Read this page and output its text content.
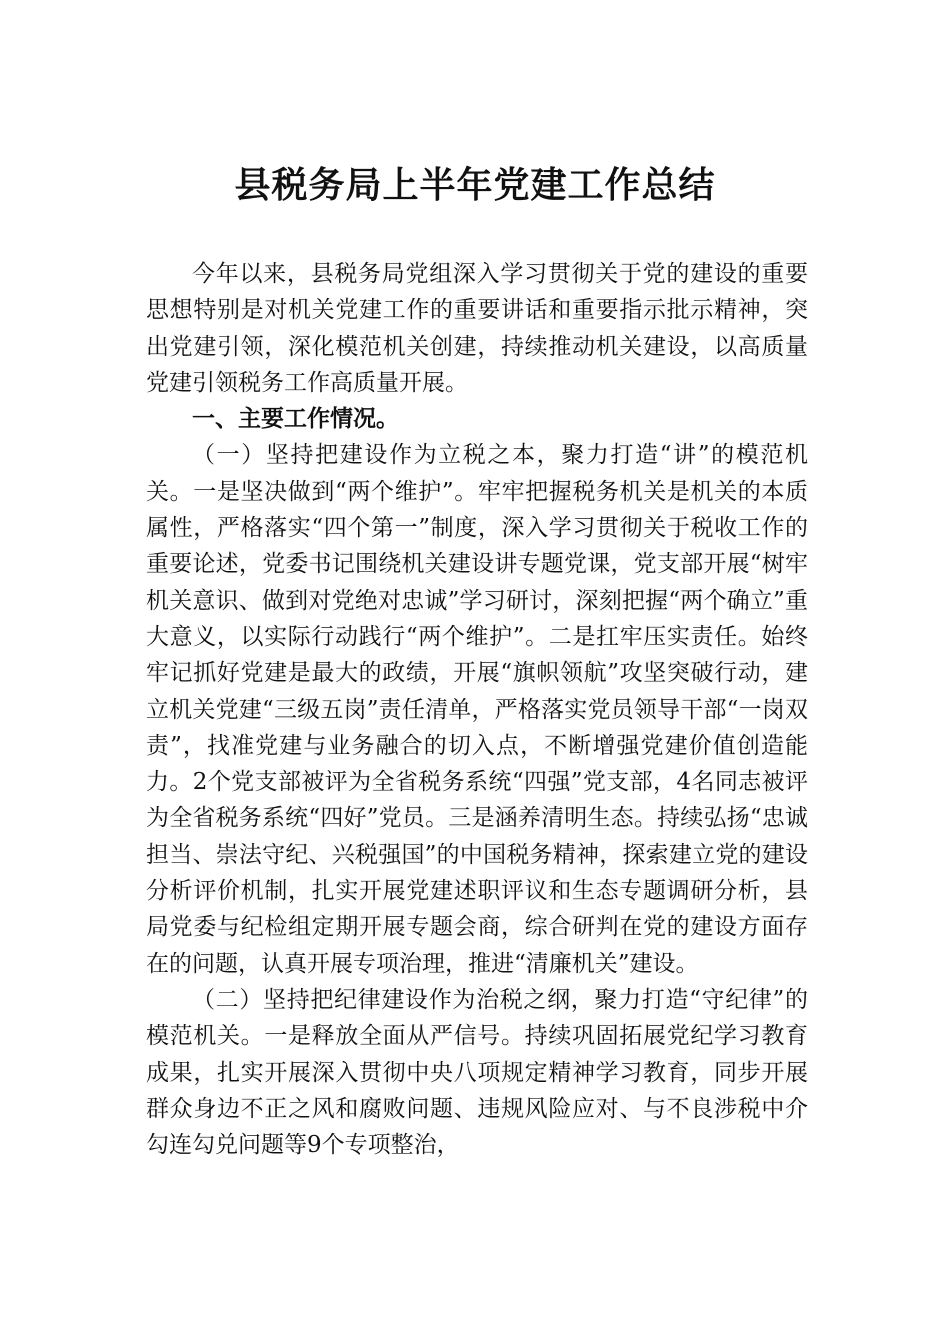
县税务局上半年党建工作总结

今年以来，县税务局党组深入学习贯彻关于党的建设的重要思想特别是对机关党建工作的重要讲话和重要指示批示精神，突出党建引领，深化模范机关创建，持续推动机关建设，以高质量党建引领税务工作高质量开展。

一、主要工作情况。

（一）坚持把建设作为立税之本，聚力打造“讲”的模范机关。一是坚决做到“两个维护”。牢牢把握税务机关是机关的本质属性，严格落实“四个第一”制度，深入学习贯彻关于税收工作的重要论述，党委书记围绕机关建设讲专题党课，党支部开展“树牢机关意识、做到对党绝对忠诚”学习研讨，深刻把握“两个确立”重大意义，以实际行动践行“两个维护”。二是扛牢压实责任。始终牢记抓好党建是最大的政绩，开展“旗帜领航”攻坚突破行动，建立机关党建“三级五岗”责任清单，严格落实党员领导干部“一岗双责”，找准党建与业务融合的切入点，不断增强党建价值创造能力。2个党支部被评为全省税务系统“四强”党支部，4名同志被评为全省税务系统“四好”党员。三是涵养清明生态。持续弘扬“忠诚担当、崇法守纪、兴税强国”的中国税务精神，探索建立党的建设分析评价机制，扎实开展党建述职评议和生态专题调研分析，县局党委与纪检组定期开展专题会商，综合研判在党的建设方面存在的问题，认真开展专项治理，推进“清廉机关”建设。

（二）坚持把纪律建设作为治税之纲，聚力打造“守纪律”的模范机关。一是释放全面从严信号。持续巩固拓展党纪学习教育成果，扎实开展深入贯彻中央八项规定精神学习教育，同步开展群众身边不正之风和腐败问题、违规风险应对、与不良涉税中介勾连勾兑问题等9个专项整治，
